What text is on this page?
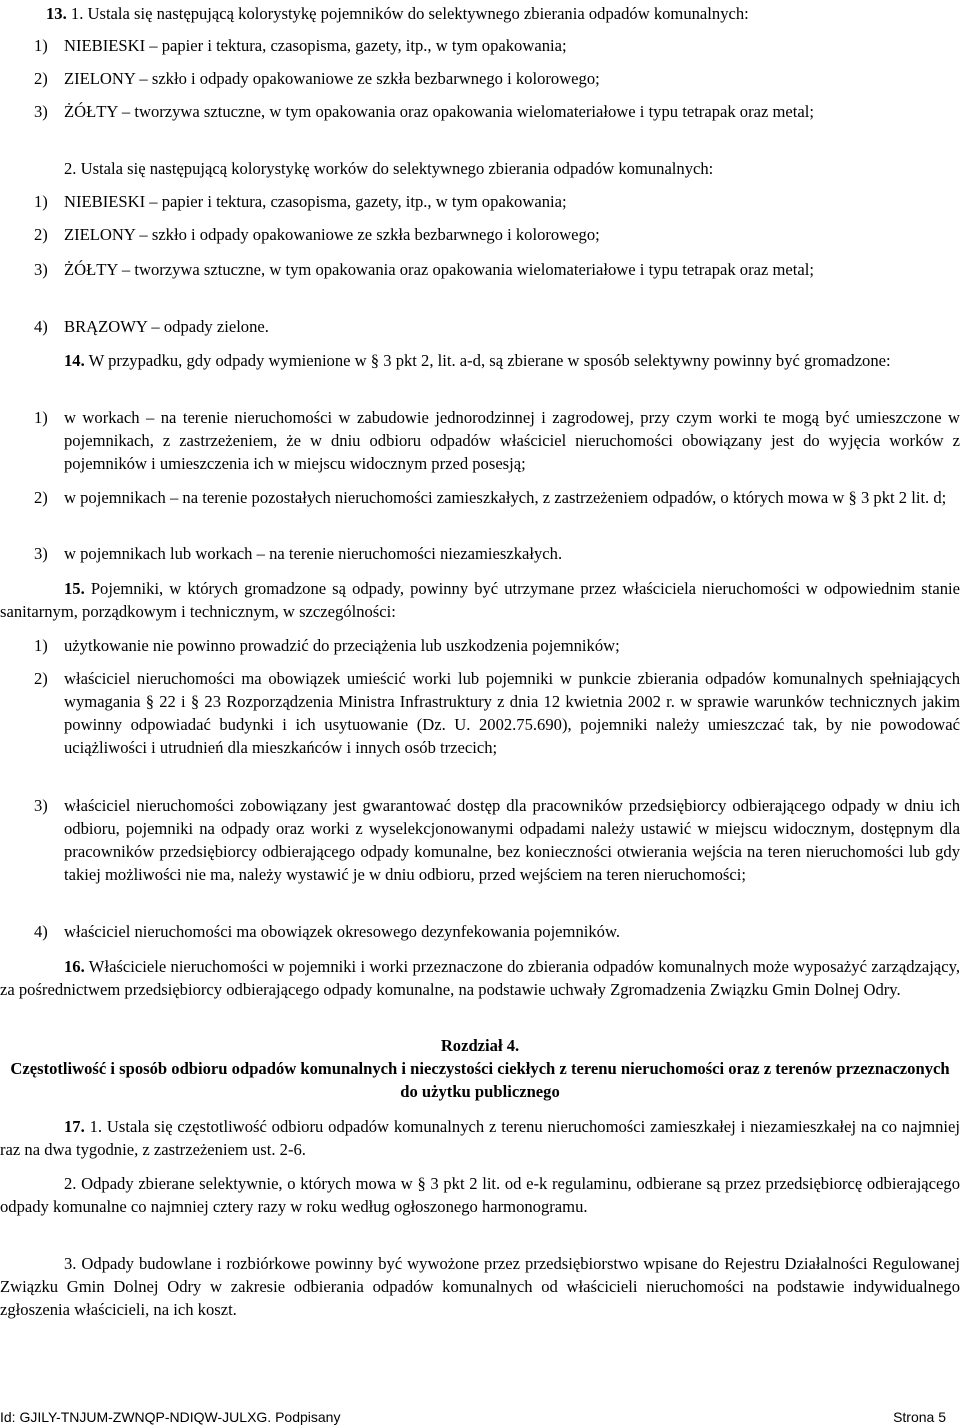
13. 1. Ustala się następującą kolorystykę pojemników do selektywnego zbierania odpadów komunalnych:

1) NIEBIESKI – papier i tektura, czasopisma, gazety, itp., w tym opakowania;
2) ZIELONY – szkło i odpady opakowaniowe ze szkła bezbarwnego i kolorowego;
3) ŻÓŁTY – tworzywa sztuczne, w tym opakowania oraz opakowania wielomateriałowe i typu tetrapak oraz metal;

2. Ustala się następującą kolorystykę worków do selektywnego zbierania odpadów komunalnych:

1) NIEBIESKI – papier i tektura, czasopisma, gazety, itp., w tym opakowania;
2) ZIELONY – szkło i odpady opakowaniowe ze szkła bezbarwnego i kolorowego;
3) ŻÓŁTY – tworzywa sztuczne, w tym opakowania oraz opakowania wielomateriałowe i typu tetrapak oraz metal;
4) BRĄZOWY – odpady zielone.

14. W przypadku, gdy odpady wymienione w § 3 pkt 2, lit. a-d, są zbierane w sposób selektywny powinny być gromadzone:

1) w workach – na terenie nieruchomości w zabudowie jednorodzinnej i zagrodowej, przy czym worki te mogą być umieszczone w pojemnikach, z zastrzeżeniem, że w dniu odbioru odpadów właściciel nieruchomości obowiązany jest do wyjęcia worków z pojemników i umieszczenia ich w miejscu widocznym przed posesją;
2) w pojemnikach – na terenie pozostałych nieruchomości zamieszkałych, z zastrzeżeniem odpadów, o których mowa w § 3 pkt 2 lit. d;
3) w pojemnikach lub workach – na terenie nieruchomości niezamieszkałych.

15. Pojemniki, w których gromadzone są odpady, powinny być utrzymane przez właściciela nieruchomości w odpowiednim stanie sanitarnym, porządkowym i technicznym, w szczególności:

1) użytkowanie nie powinno prowadzić do przeciążenia lub uszkodzenia pojemników;
2) właściciel nieruchomości ma obowiązek umieścić worki lub pojemniki w punkcie zbierania odpadów komunalnych spełniających wymagania § 22 i § 23 Rozporządzenia Ministra Infrastruktury z dnia 12 kwietnia 2002 r. w sprawie warunków technicznych jakim powinny odpowiadać budynki i ich usytuowanie (Dz. U. 2002.75.690), pojemniki należy umieszczać tak, by nie powodować uciążliwości i utrudnień dla mieszkańców i innych osób trzecich;
3) właściciel nieruchomości zobowiązany jest gwarantować dostęp dla pracowników przedsiębiorcy odbierającego odpady w dniu ich odbioru, pojemniki na odpady oraz worki z wyselekcjonowanymi odpadami należy ustawić w miejscu widocznym, dostępnym dla pracowników przedsiębiorcy odbierającego odpady komunalne, bez konieczności otwierania wejścia na teren nieruchomości lub gdy takiej możliwości nie ma, należy wystawić je w dniu odbioru, przed wejściem na teren nieruchomości;
4) właściciel nieruchomości ma obowiązek okresowego dezynfekowania pojemników.

16. Właściciele nieruchomości w pojemniki i worki przeznaczone do zbierania odpadów komunalnych może wyposażyć zarządzający, za pośrednictwem przedsiębiorcy odbierającego odpady komunalne, na podstawie uchwały Zgromadzenia Związku Gmin Dolnej Odry.

Rozdział 4.

Częstotliwość i sposób odbioru odpadów komunalnych i nieczystości ciekłych z terenu nieruchomości oraz z terenów przeznaczonych do użytku publicznego

17. 1. Ustala się częstotliwość odbioru odpadów komunalnych z terenu nieruchomości zamieszkałej i niezamieszkałej na co najmniej raz na dwa tygodnie, z zastrzeżeniem ust. 2-6.

2. Odpady zbierane selektywnie, o których mowa w § 3 pkt 2 lit. od e-k regulaminu, odbierane są przez przedsiębiorcę odbierającego odpady komunalne co najmniej cztery razy w roku według ogłoszonego harmonogramu.

3. Odpady budowlane i rozbiórkowe powinny być wywożone przez przedsiębiorstwo wpisane do Rejestru Działalności Regulowanej Związku Gmin Dolnej Odry w zakresie odbierania odpadów komunalnych od właścicieli nieruchomości na podstawie indywidualnego zgłoszenia właścicieli, na ich koszt.

Id: GJILY-TNJUM-ZWNQP-NDIQW-JULXG. Podpisany	Strona 5
